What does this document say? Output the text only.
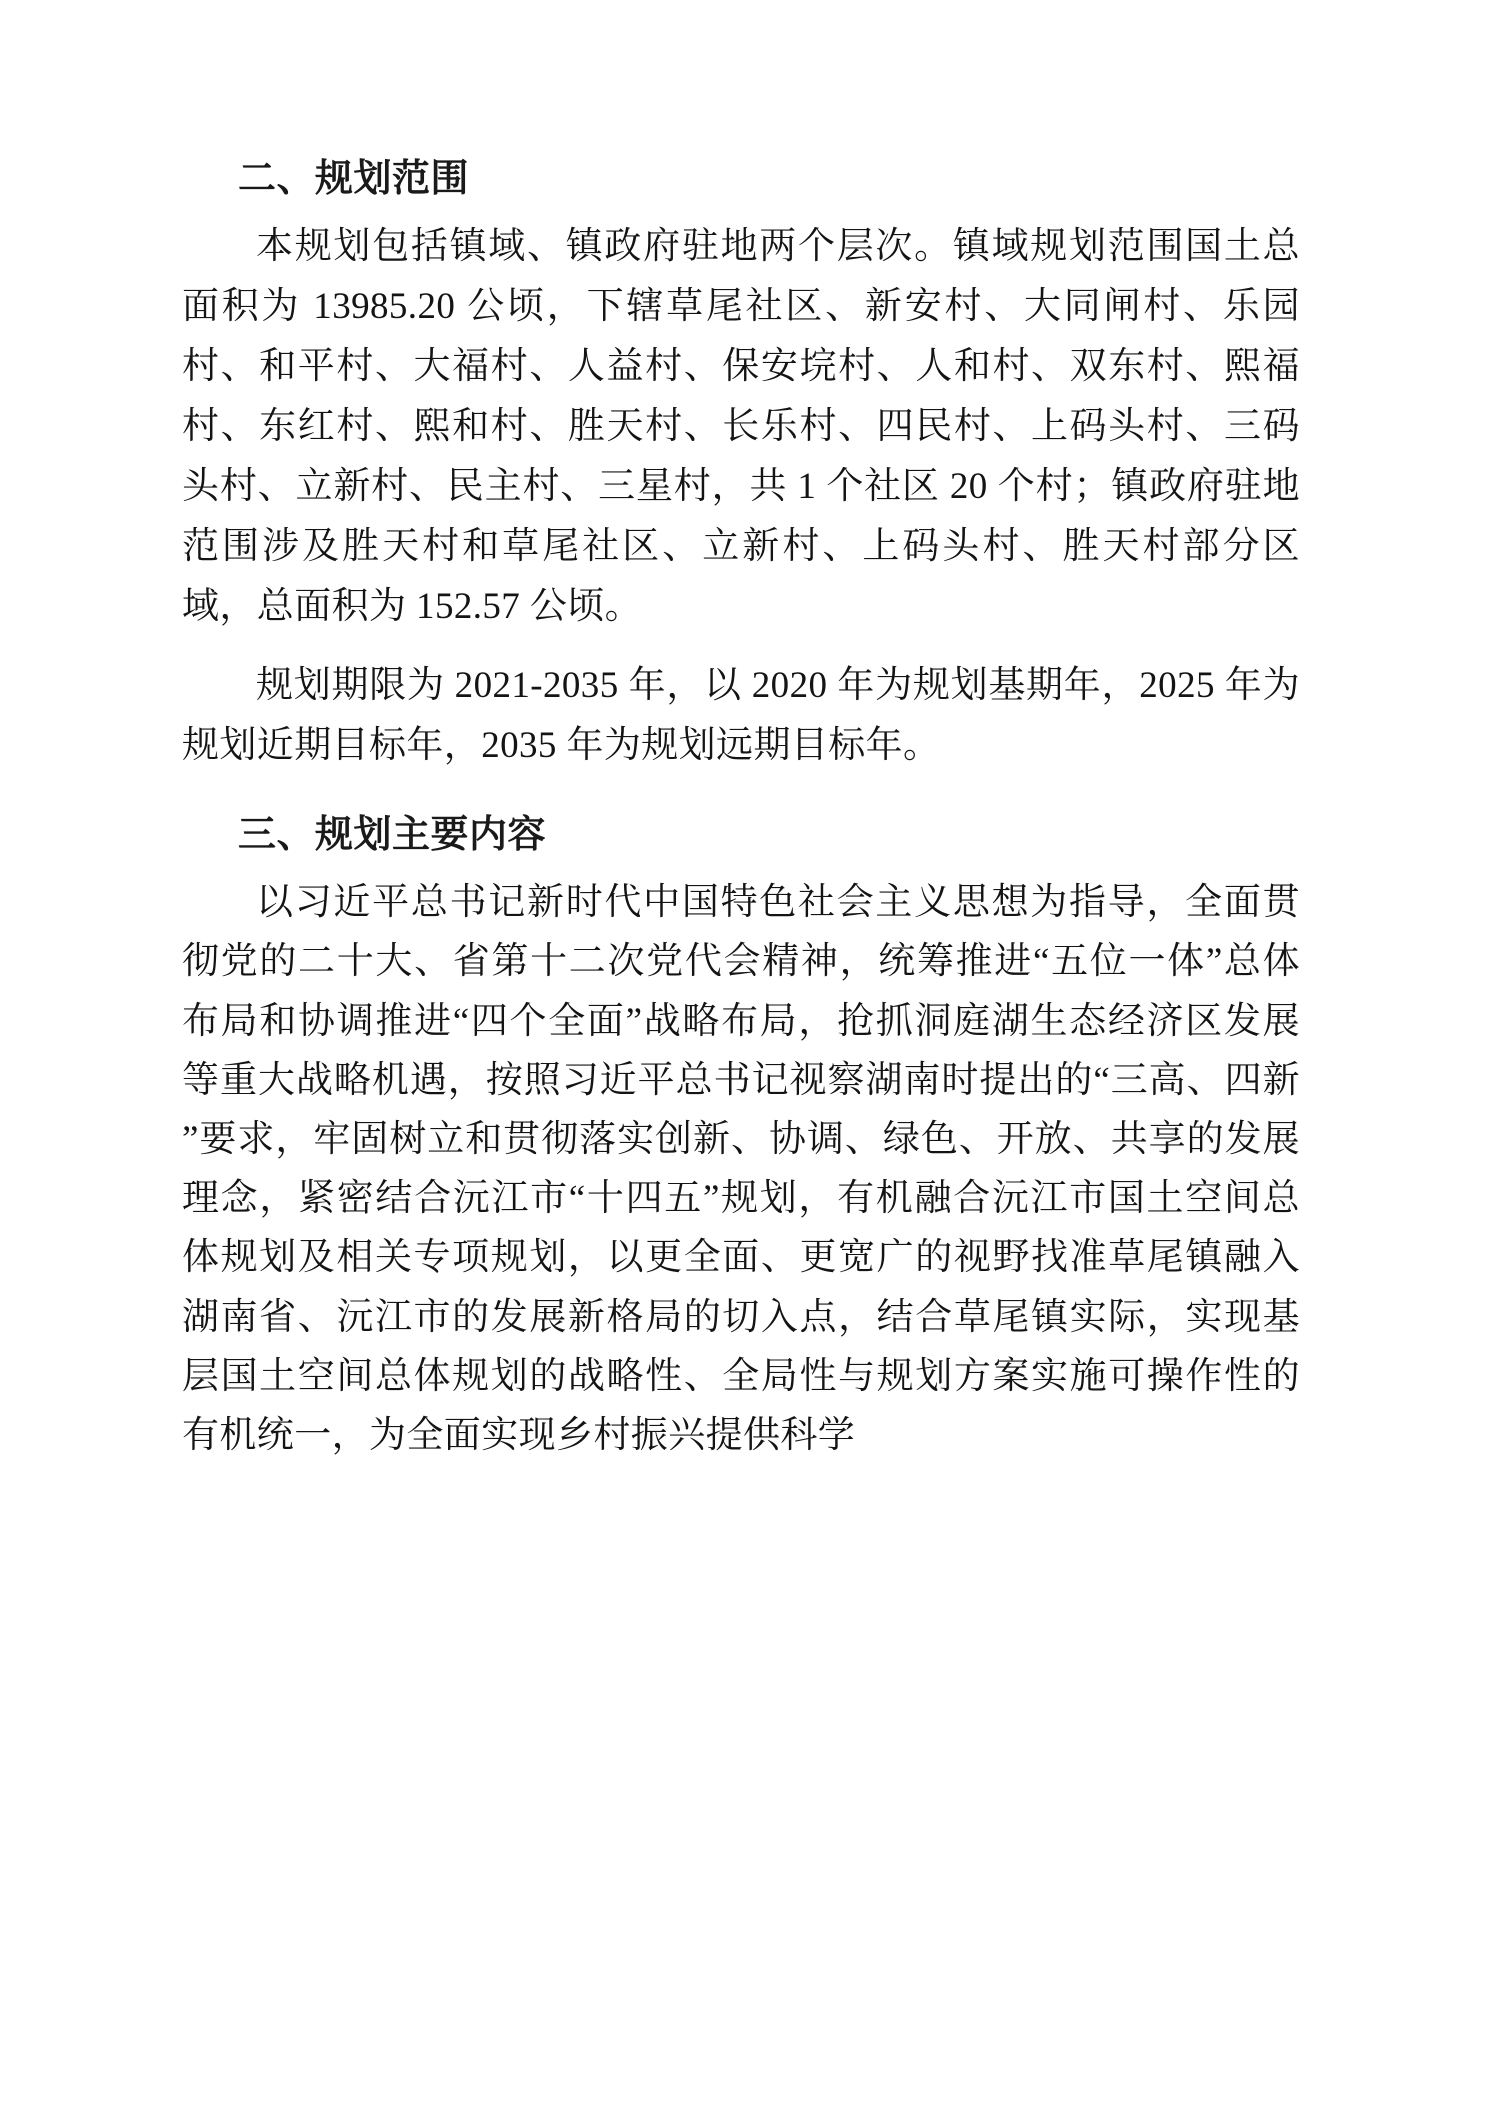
二、规划范围

本规划包括镇域、镇政府驻地两个层次。镇域规划范围国土总面积为 13985.20 公顷，下辖草尾社区、新安村、大同闸村、乐园村、和平村、大福村、人益村、保安垸村、人和村、双东村、熙福村、东红村、熙和村、胜天村、长乐村、四民村、上码头村、三码头村、立新村、民主村、三星村，共 1 个社区 20 个村；镇政府驻地范围涉及胜天村和草尾社区、立新村、上码头村、胜天村部分区域，总面积为 152.57 公顷。

规划期限为 2021-2035 年，以 2020 年为规划基期年，2025 年为规划近期目标年，2035 年为规划远期目标年。

三、规划主要内容

以习近平总书记新时代中国特色社会主义思想为指导，全面贯彻党的二十大、省第十二次党代会精神，统筹推进“五位一体”总体布局和协调推进“四个全面”战略布局，抢抓洞庭湖生态经济区发展等重大战略机遇，按照习近平总书记视察湖南时提出的“三高、四新 ”要求，牢固树立和贯彻落实创新、协调、绿色、开放、共享的发展理念，紧密结合沅江市“十四五”规划，有机融合沅江市国土空间总体规划及相关专项规划，以更全面、更宽广的视野找准草尾镇融入湖南省、沅江市的发展新格局的切入点，结合草尾镇实际，实现基层国土空间总体规划的战略性、全局性与规划方案实施可操作性的有机统一，为全面实现乡村振兴提供科学
